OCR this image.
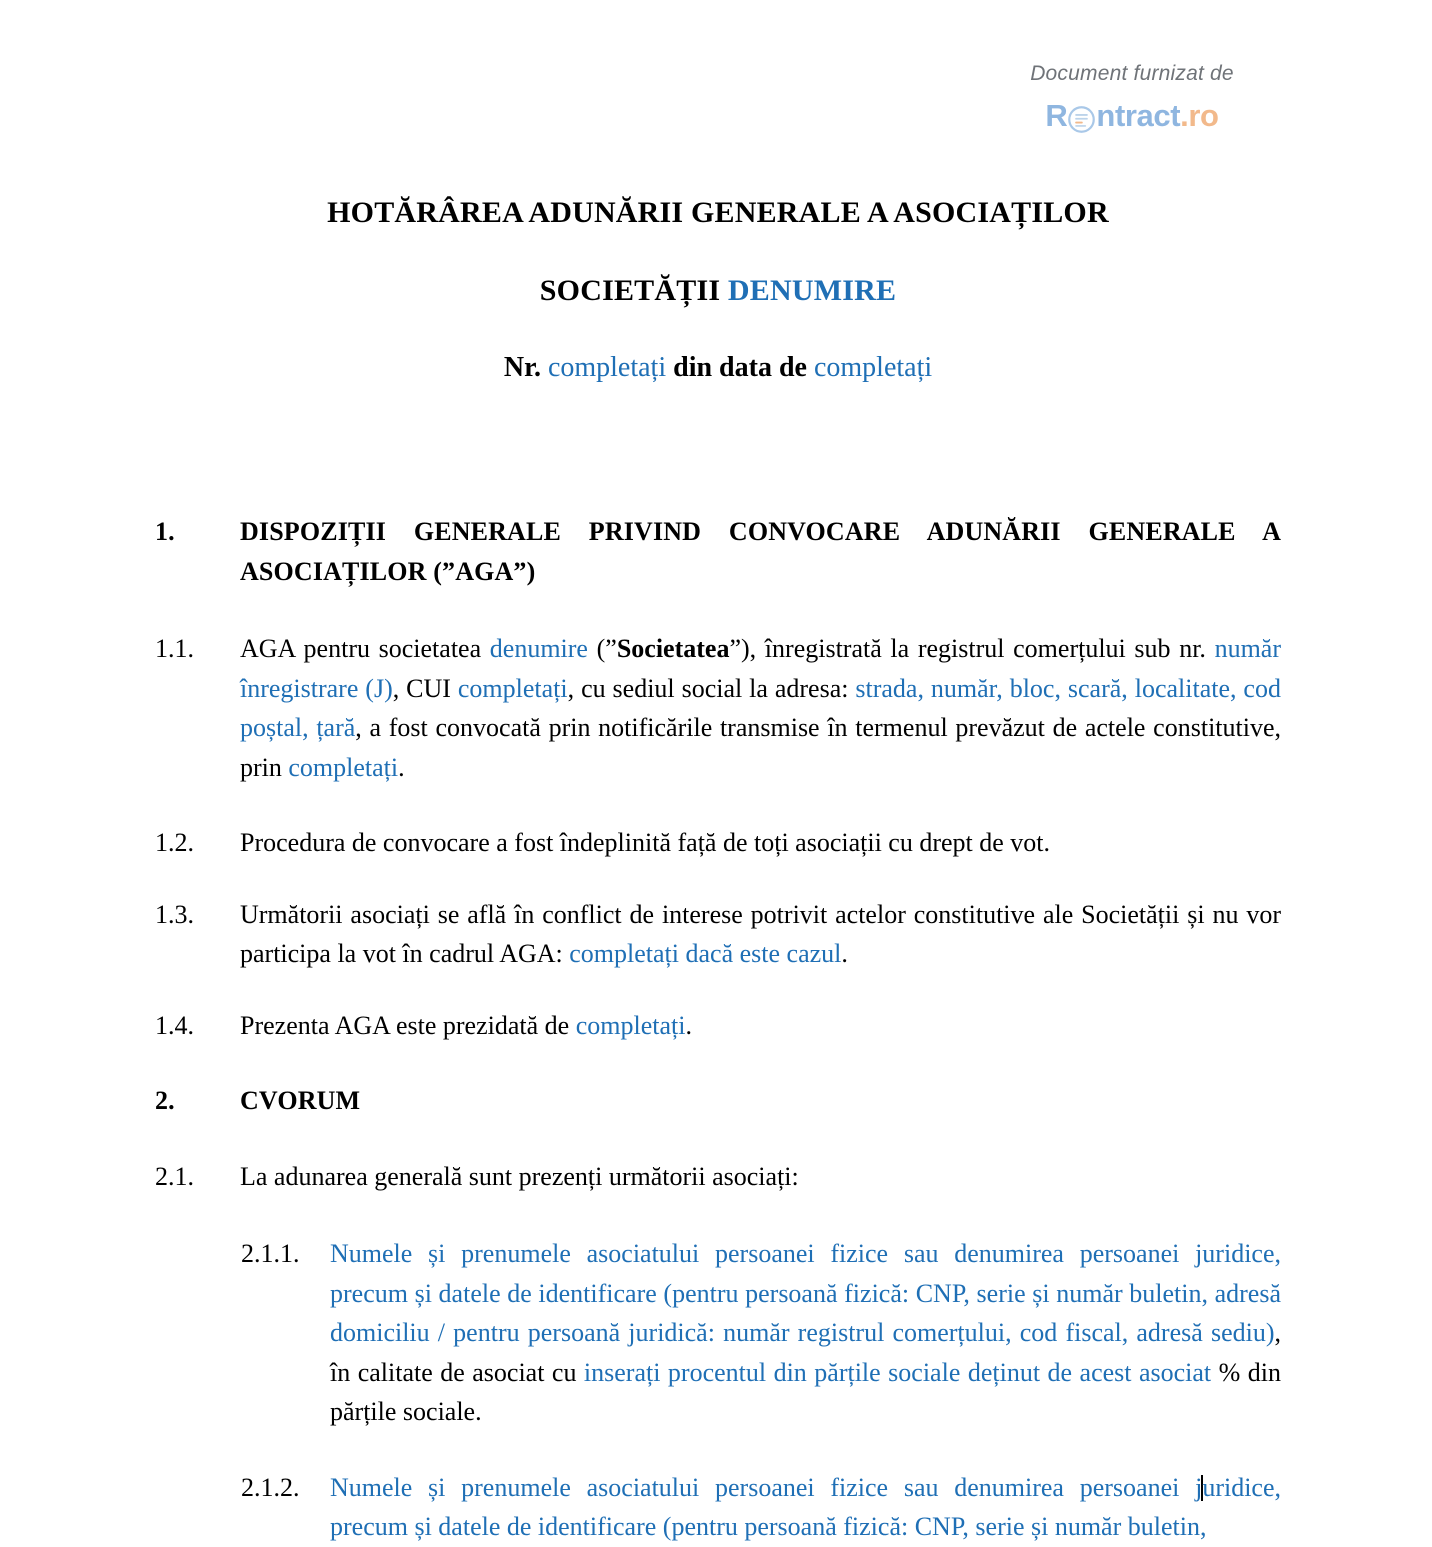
Document furnizat de
R ntract .ro
HOTĂRÂREA ADUNĂRII GENERALE A ASOCIAȚILOR
SOCIETĂȚII DENUMIRE
Nr. completați din data de completați
1.	DISPOZIȚII GENERALE PRIVIND CONVOCARE ADUNĂRII GENERALE A ASOCIAȚILOR (”AGA”)
1.1.	AGA pentru societatea denumire (”Societatea”), înregistrată la registrul comerțului sub nr. număr înregistrare (J), CUI completați, cu sediul social la adresa: strada, număr, bloc, scară, localitate, cod poștal, țară, a fost convocată prin notificările transmise în termenul prevăzut de actele constitutive, prin completați.
1.2.	Procedura de convocare a fost îndeplinită față de toți asociații cu drept de vot.
1.3.	Următorii asociați se află în conflict de interese potrivit actelor constitutive ale Societății și nu vor participa la vot în cadrul AGA: completați dacă este cazul.
1.4.	Prezenta AGA este prezidată de completați.
2.	CVORUM
2.1.	La adunarea generală sunt prezenți următorii asociați:
2.1.1.	Numele și prenumele asociatului persoanei fizice sau denumirea persoanei juridice, precum și datele de identificare (pentru persoană fizică: CNP, serie și număr buletin, adresă domiciliu / pentru persoană juridică: număr registrul comerțului, cod fiscal, adresă sediu), în calitate de asociat cu inserați procentul din părțile sociale deținut de acest asociat % din părțile sociale.
2.1.2.	Numele și prenumele asociatului persoanei fizice sau denumirea persoanei juridice, precum și datele de identificare (pentru persoană fizică: CNP, serie și număr buletin,
